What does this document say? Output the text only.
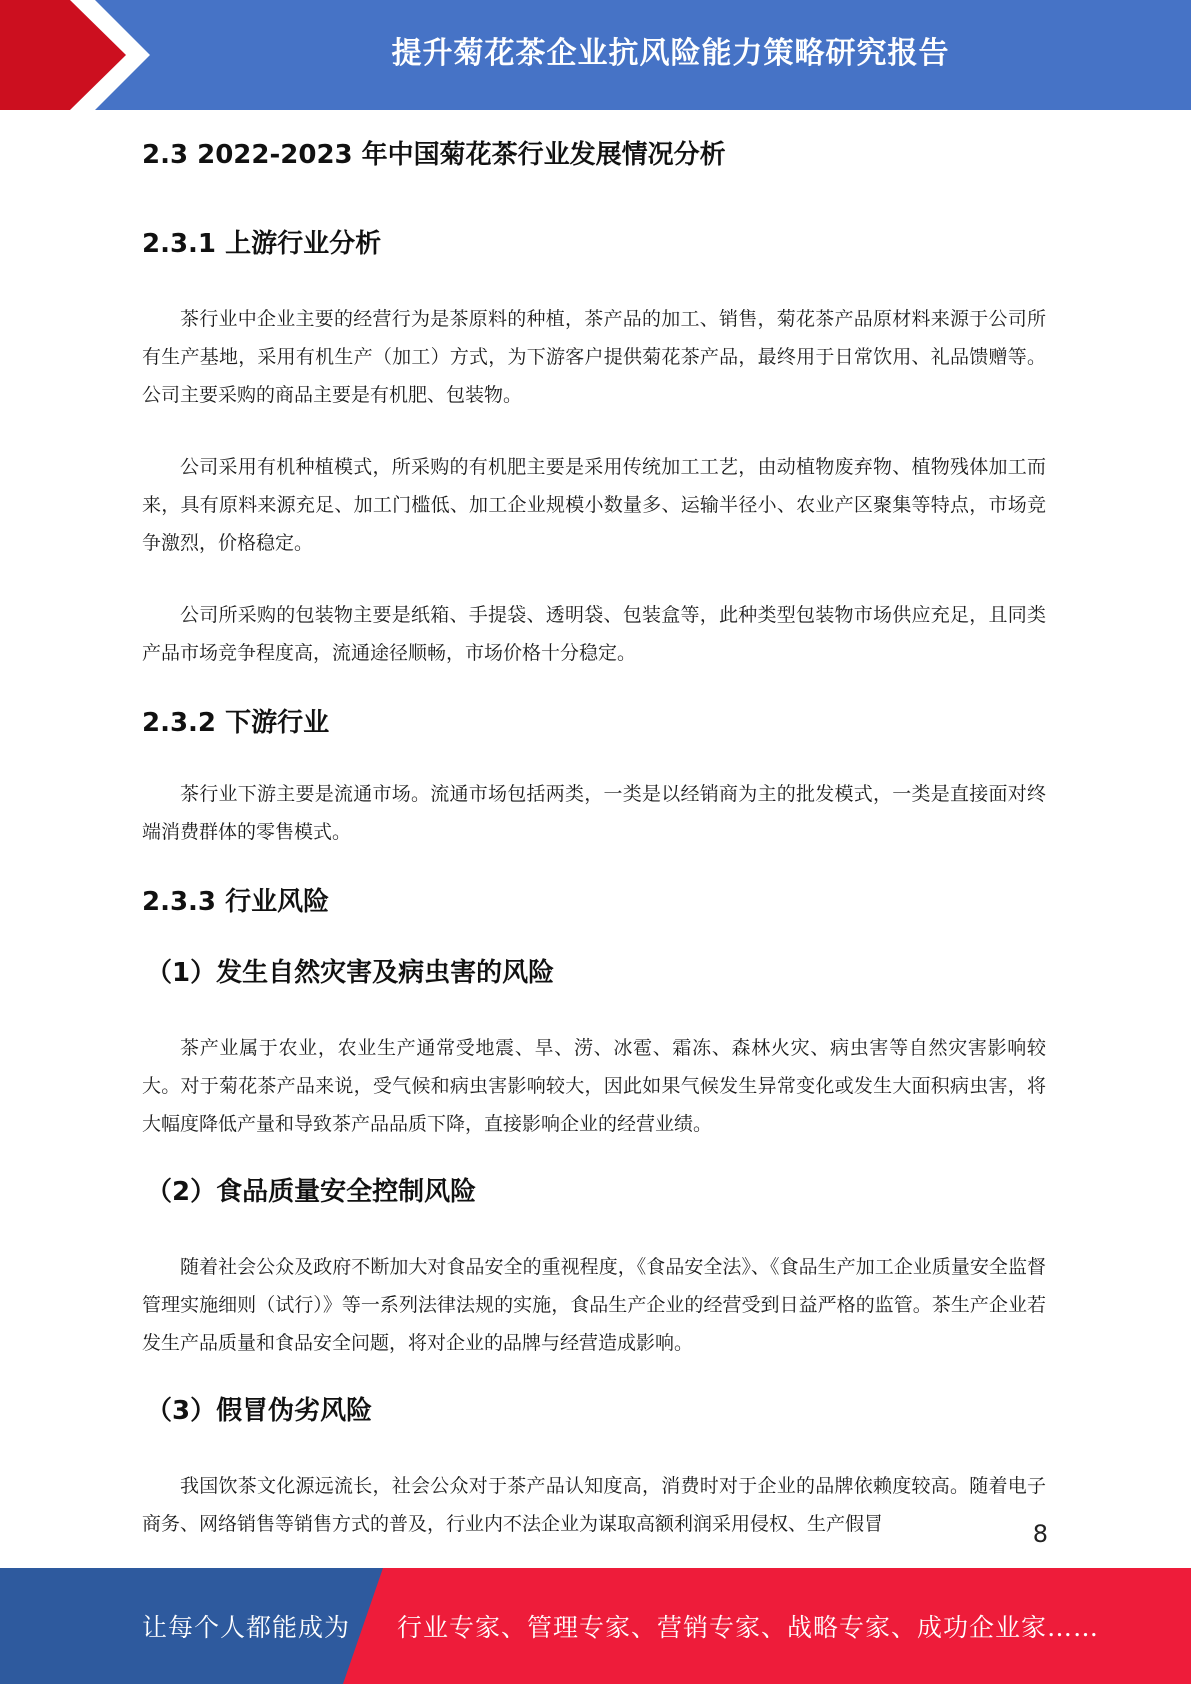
提升菊花茶企业抗风险能力策略研究报告
2.3 2022-2023 年中国菊花茶行业发展情况分析
2.3.1 上游行业分析

茶行业中企业主要的经营行为是茶原料的种植，茶产品的加工、销售，菊花茶产品原材料来源于公司所有生产基地，采用有机生产（加工）方式，为下游客户提供菊花茶产品，最终用于日常饮用、礼品馈赠等。公司主要采购的商品主要是有机肥、包装物。

公司采用有机种植模式，所采购的有机肥主要是采用传统加工工艺，由动植物废弃物、植物残体加工而来，具有原料来源充足、加工门槛低、加工企业规模小数量多、运输半径小、农业产区聚集等特点，市场竞争激烈，价格稳定。

公司所采购的包装物主要是纸箱、手提袋、透明袋、包装盒等，此种类型包装物市场供应充足，且同类产品市场竞争程度高，流通途径顺畅，市场价格十分稳定。

2.3.2 下游行业

茶行业下游主要是流通市场。流通市场包括两类，一类是以经销商为主的批发模式，一类是直接面对终端消费群体的零售模式。

2.3.3 行业风险
（1）发生自然灾害及病虫害的风险

茶产业属于农业，农业生产通常受地震、旱、涝、冰雹、霜冻、森林火灾、病虫害等自然灾害影响较大。对于菊花茶产品来说，受气候和病虫害影响较大，因此如果气候发生异常变化或发生大面积病虫害，将大幅度降低产量和导致茶产品品质下降，直接影响企业的经营业绩。

（2）食品质量安全控制风险

随着社会公众及政府不断加大对食品安全的重视程度，《食品安全法》、《食品生产加工企业质量安全监督管理实施细则（试行）》等一系列法律法规的实施，食品生产企业的经营受到日益严格的监管。茶生产企业若发生产品质量和食品安全问题，将对企业的品牌与经营造成影响。

（3）假冒伪劣风险

我国饮茶文化源远流长，社会公众对于茶产品认知度高，消费时对于企业的品牌依赖度较高。随着电子商务、网络销售等销售方式的普及，行业内不法企业为谋取高额利润采用侵权、生产假冒	8
让每个人都能成为 行业专家、管理专家、营销专家、战略专家、成功企业家……
